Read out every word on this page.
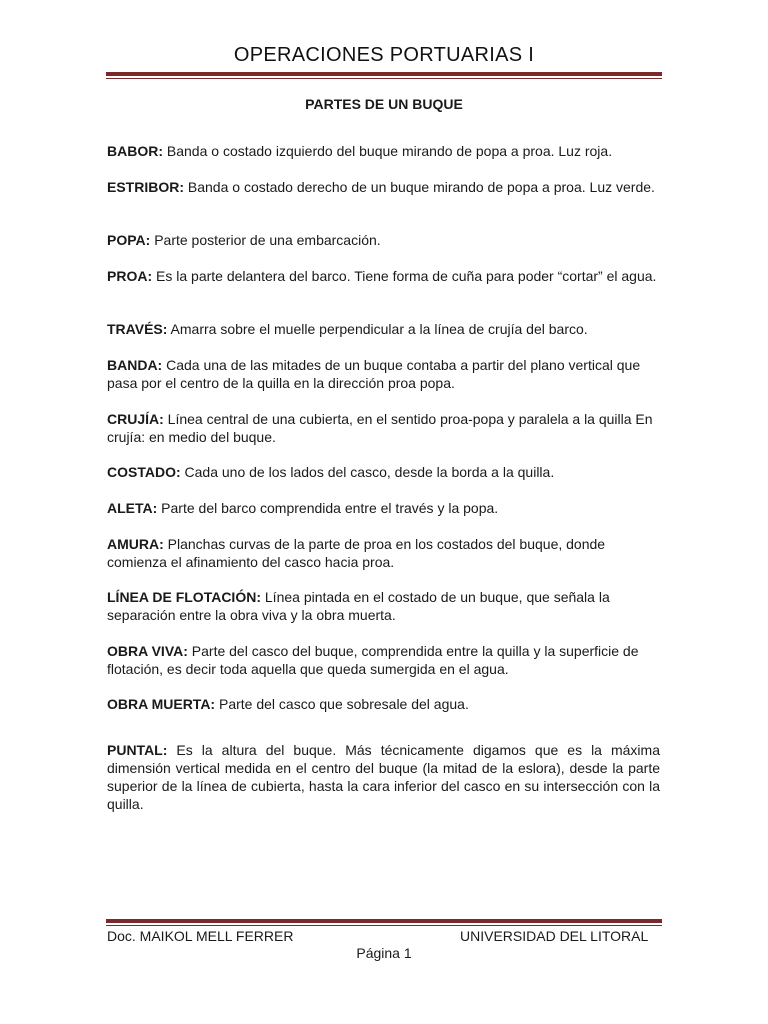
OPERACIONES PORTUARIAS I
PARTES DE UN BUQUE

BABOR: Banda o costado izquierdo del buque mirando de popa a proa. Luz roja.

ESTRIBOR: Banda o costado derecho de un buque mirando de popa a proa. Luz verde.

POPA: Parte posterior de una embarcación.

PROA: Es la parte delantera del barco. Tiene forma de cuña para poder “cortar” el agua.

TRAVÉS: Amarra sobre el muelle perpendicular a la línea de crujía del barco.

BANDA: Cada una de las mitades de un buque contaba a partir del plano vertical que pasa por el centro de la quilla en la dirección proa popa.

CRUJÍA: Línea central de una cubierta, en el sentido proa-popa y paralela a la quilla En crujía: en medio del buque.

COSTADO: Cada uno de los lados del casco, desde la borda a la quilla.

ALETA: Parte del barco comprendida entre el través y la popa.

AMURA: Planchas curvas de la parte de proa en los costados del buque, donde comienza el afinamiento del casco hacia proa.

LÍNEA DE FLOTACIÓN: Línea pintada en el costado de un buque, que señala la separación entre la obra viva y la obra muerta.

OBRA VIVA: Parte del casco del buque, comprendida entre la quilla y la superficie de flotación, es decir toda aquella que queda sumergida en el agua.

OBRA MUERTA: Parte del casco que sobresale del agua.

PUNTAL: Es la altura del buque. Más técnicamente digamos que es la máxima dimensión vertical medida en el centro del buque (la mitad de la eslora), desde la parte superior de la línea de cubierta, hasta la cara inferior del casco en su intersección con la quilla.

Doc. MAIKOL MELL FERRER	UNIVERSIDAD DEL LITORAL
Página 1
